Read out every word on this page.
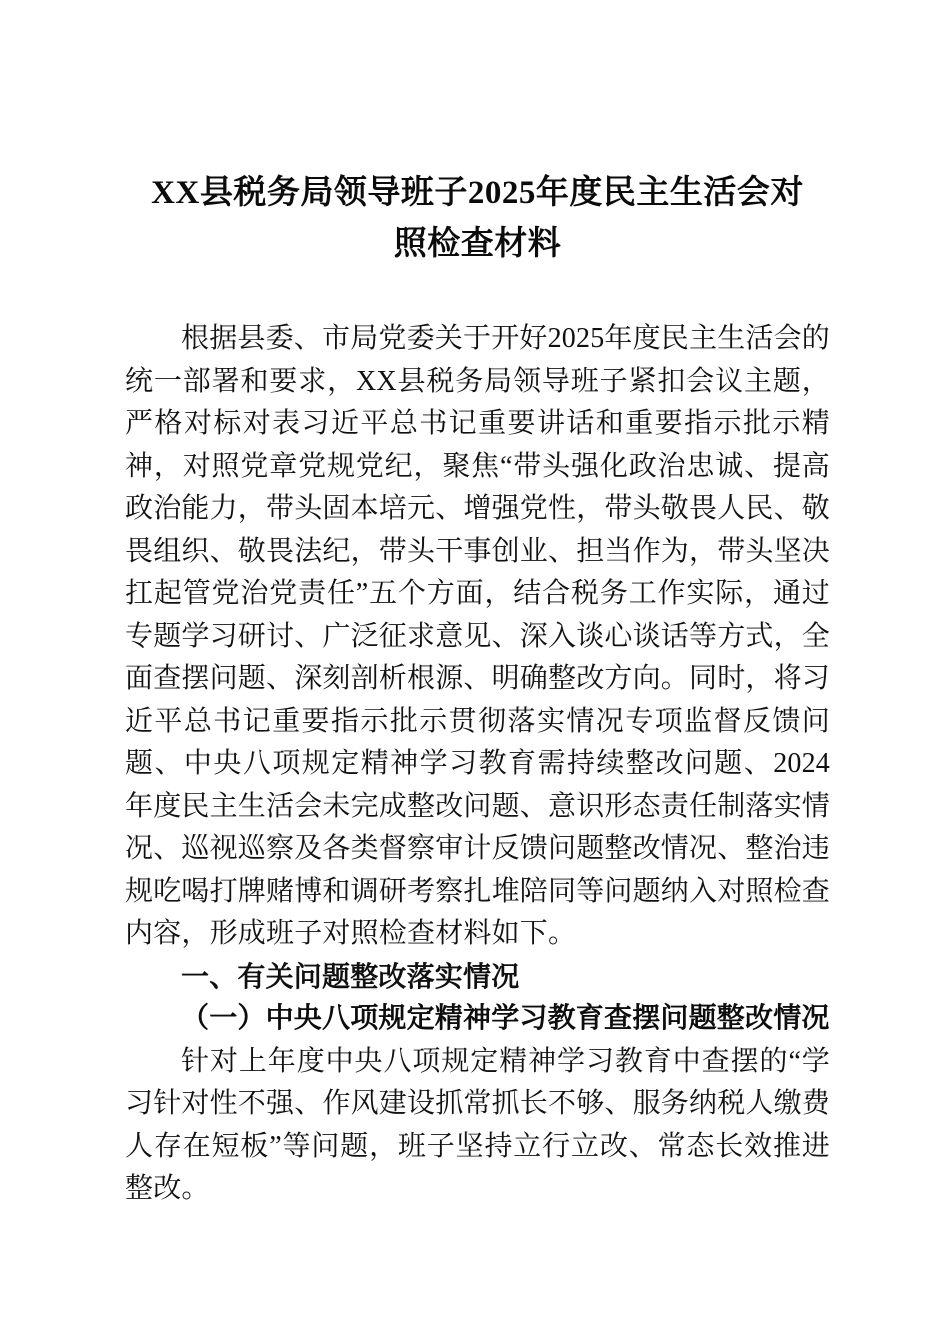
XX县税务局领导班子2025年度民主生活会对
照检查材料

根据县委、市局党委关于开好2025年度民主生活会的统一部署和要求，XX县税务局领导班子紧扣会议主题，严格对标对表习近平总书记重要讲话和重要指示批示精神，对照党章党规党纪，聚焦“带头强化政治忠诚、提高政治能力，带头固本培元、增强党性，带头敬畏人民、敬畏组织、敬畏法纪，带头干事创业、担当作为，带头坚决扛起管党治党责任”五个方面，结合税务工作实际，通过专题学习研讨、广泛征求意见、深入谈心谈话等方式，全面查摆问题、深刻剖析根源、明确整改方向。同时，将习近平总书记重要指示批示贯彻落实情况专项监督反馈问题、中央八项规定精神学习教育需持续整改问题、2024年度民主生活会未完成整改问题、意识形态责任制落实情况、巡视巡察及各类督察审计反馈问题整改情况、整治违规吃喝打牌赌博和调研考察扎堆陪同等问题纳入对照检查内容，形成班子对照检查材料如下。

一、有关问题整改落实情况

（一）中央八项规定精神学习教育查摆问题整改情况

针对上年度中央八项规定精神学习教育中查摆的“学习针对性不强、作风建设抓常抓长不够、服务纳税人缴费人存在短板”等问题，班子坚持立行立改、常态长效推进整改。
